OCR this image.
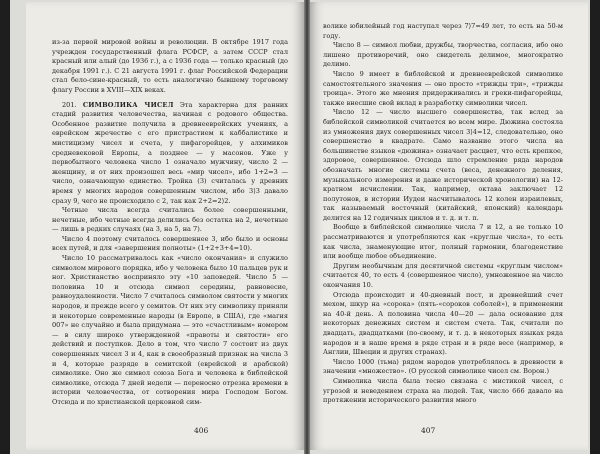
из-за первой мировой войны и революции. В октябре 1917 года учрежден государственный флага РСФСР, а затем СССР стал красный или алый (до 1936 г.), а с 1936 года — только красный (до декабря 1991 г.). С 21 августа 1991 г. флаг Российской Федерации стал бело-сине-красный, то есть аналогично бывшему торговому флагу России в XVIII—XIX веках.

201. СИМВОЛИКА ЧИСЕЛ Эта характерна для ранних стадий развития человечества, начиная с родового общества. Особенное развитие получила в древнееврейских учениях, а еврейском жречестве с его пристрастием к каббалистике и мистицизму чисел и счета, у пифагорейцев, у алхимиков средневековой Европы, а позднее — у масонов. Уже у первобытного человека число 1 означало мужчину, число 2 — женщину, и от них произошел весь «мир чисел», ибо 1+2=3 — число, означающую единство. Тройка (3) считалась у древних время у многих народов совершенным числом, ибо 3⟩3 давало сразу 9, чего не происходило с 2, так как 2+2=2⟩2.

Четные числа всегда считались более совершенными, нечетные, ибо четные всегда делились без остатка на 2, нечетные — лишь в редких случаях (на 3, на 5, на 7).

Число 4 поэтому считалось совершеннее 3, ибо было и основы всех путей, и для «завершения полноты» (1+2+3+4=10).

Число 10 рассматривалось как «число окончания» и служило символом мирового порядка, ибо у человека было 10 пальцев рук и ног. Христианство восприняло эту «10 заповедей. Число 5 — половина 10 и отсюда символ середины, равновесие, равноудаленности. Число 7 считалось символом святости у многих народов, и прежде всего у семитов. От них эту символику приняли и некоторые современные народы (в Европе, в США), где «магия 007» не случайно и была придумана — это «счастливым» номером — в силу широко утвержденной «правоты и святости» его действий и поступков. Дело в том, что число 7 состоит из двух совершенных чисел 3 и 4, как в своеобразный признак на числа 3 и 4, которые разряде в семитской (еврейской и арабской) символике. Оно же символ союза Бога и человека в библейской символике, отсюда 7 дней недели — переносно отрезка времени в истории человечества, от сотворения мира Господом Богом. Отсюда и по христианской церковной сим-

406

волике юбилейный год наступал через 7⟩7=49 лет, то есть на 50-м году.

Число 8 — символ любви, дружбы, творчества, согласия, ибо оно лишено противоречий, оно свидетель делимое, многократно делимо.

Число 9 имеет в библейской и древнееврейской символике самостоятельного значения — оно просто «трижды три», «трижды троица». Этого же мнения придерживались и греки-пифагорейцы, также внесшие свой вклад в разработку символики чисел.

Число 12 — число высшего совершенства, так вслед за библейской символикой считается во всем мире. Дюжина состояла из умножения двух совершенных чисел 3⟩4=12, следовательно, оно совершенство в квадрате. Само название этого числа на большинстве языков «дюжина» означает расцвет, что есть крепкое, здоровое, совершенное. Отсюда шло стремление ряда народов обозначать многие системы счета (веса, денежного деления, музыкального измерения и даже исторической хронологии) на 12-кратном исчислении. Так, например, октава заключает 12 полутонов, в истории Иудеи насчитывалось 12 колен израилевых, так называемый восточный (китайский, японский) календарь делится на 12 годичных циклов и т. д. и т. п.

Вообще в библейской символике числа 7 и 12, а не только 10 рассматриваются и употребляются как «круглые числа», то есть как числа, знаменующие итог, полный гармонии, благоденствие или вообще любое объединение.

Другим необычным для десятичной системы «круглым числом» считается 40, то есть 4 (совершенное число), умноженное на число окончания 10.

Отсюда происходит и 40-дневный пост, и древнейший счет мехом, шкур на «сорока» (пять-«сороков соболей»), в применении на 40-й день. А половина числа 40—20 — дала основание для некоторых денежных систем и систем счета. Так, считали по двадцать, двадцатками (по-своему, и т. д. в некоторых языках ряда народов и в наше время в ряде стран и в ряде весе (например, в Англии, Швеции и других странах).

Число 1000 (тьма) рядом народов употреблялось в древности в значении «множество». (О русской символике чисел см. Ворон.)

Символика числа была тесно связана с мистикой чисел, с угрозой и неведением страха на людей. Так, число 666 давало на протяжении исторического развития много

407
